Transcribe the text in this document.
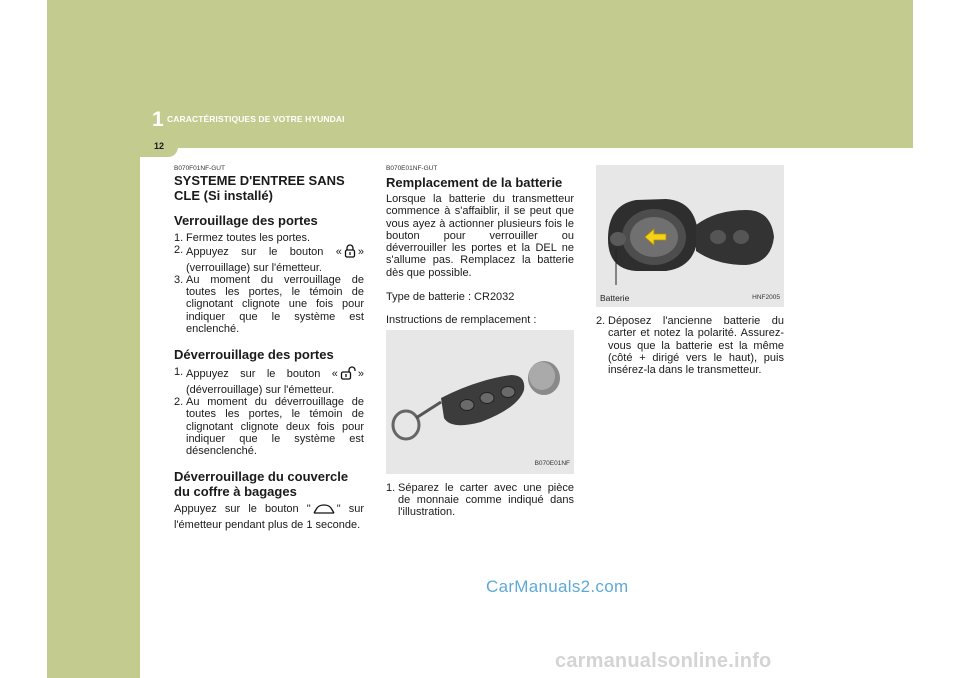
1 CARACTÉRISTIQUES DE VOTRE HYUNDAI
12
B070F01NF-GUT
SYSTEME D'ENTREE SANS CLE (Si installé)
Verrouillage des portes
1. Fermez toutes les portes.
2. Appuyez sur le bouton « » (verrouillage) sur l'émetteur.
3. Au moment du verrouillage de toutes les portes, le témoin de clignotant clignote une fois pour indiquer que le système est enclenché.
Déverrouillage des portes
1. Appuyez sur le bouton « » (déverrouillage) sur l'émetteur.
2. Au moment du déverrouillage de toutes les portes, le témoin de clignotant clignote deux fois pour indiquer que le système est désenclenché.
Déverrouillage du couvercle du coffre à bagages
Appuyez sur le bouton " " sur l'émetteur pendant plus de 1 seconde.
B070E01NF-GUT
Remplacement de la batterie
Lorsque la batterie du transmetteur commence à s'affaiblir, il se peut que vous ayez à actionner plusieurs fois le bouton pour verrouiller ou déverrouiller les portes et la DEL ne s'allume pas. Remplacez la batterie dès que possible.
Type de batterie : CR2032
Instructions de remplacement :
B070E01NF
1. Séparez le carter avec une pièce de monnaie comme indiqué dans l'illustration.
Batterie	HNF2005
2. Déposez l'ancienne batterie du carter et notez la polarité. Assurez-vous que la batterie est la même (côté + dirigé vers le haut), puis insérez-la dans le transmetteur.
CarManuals2.com
carmanualsonline.info
